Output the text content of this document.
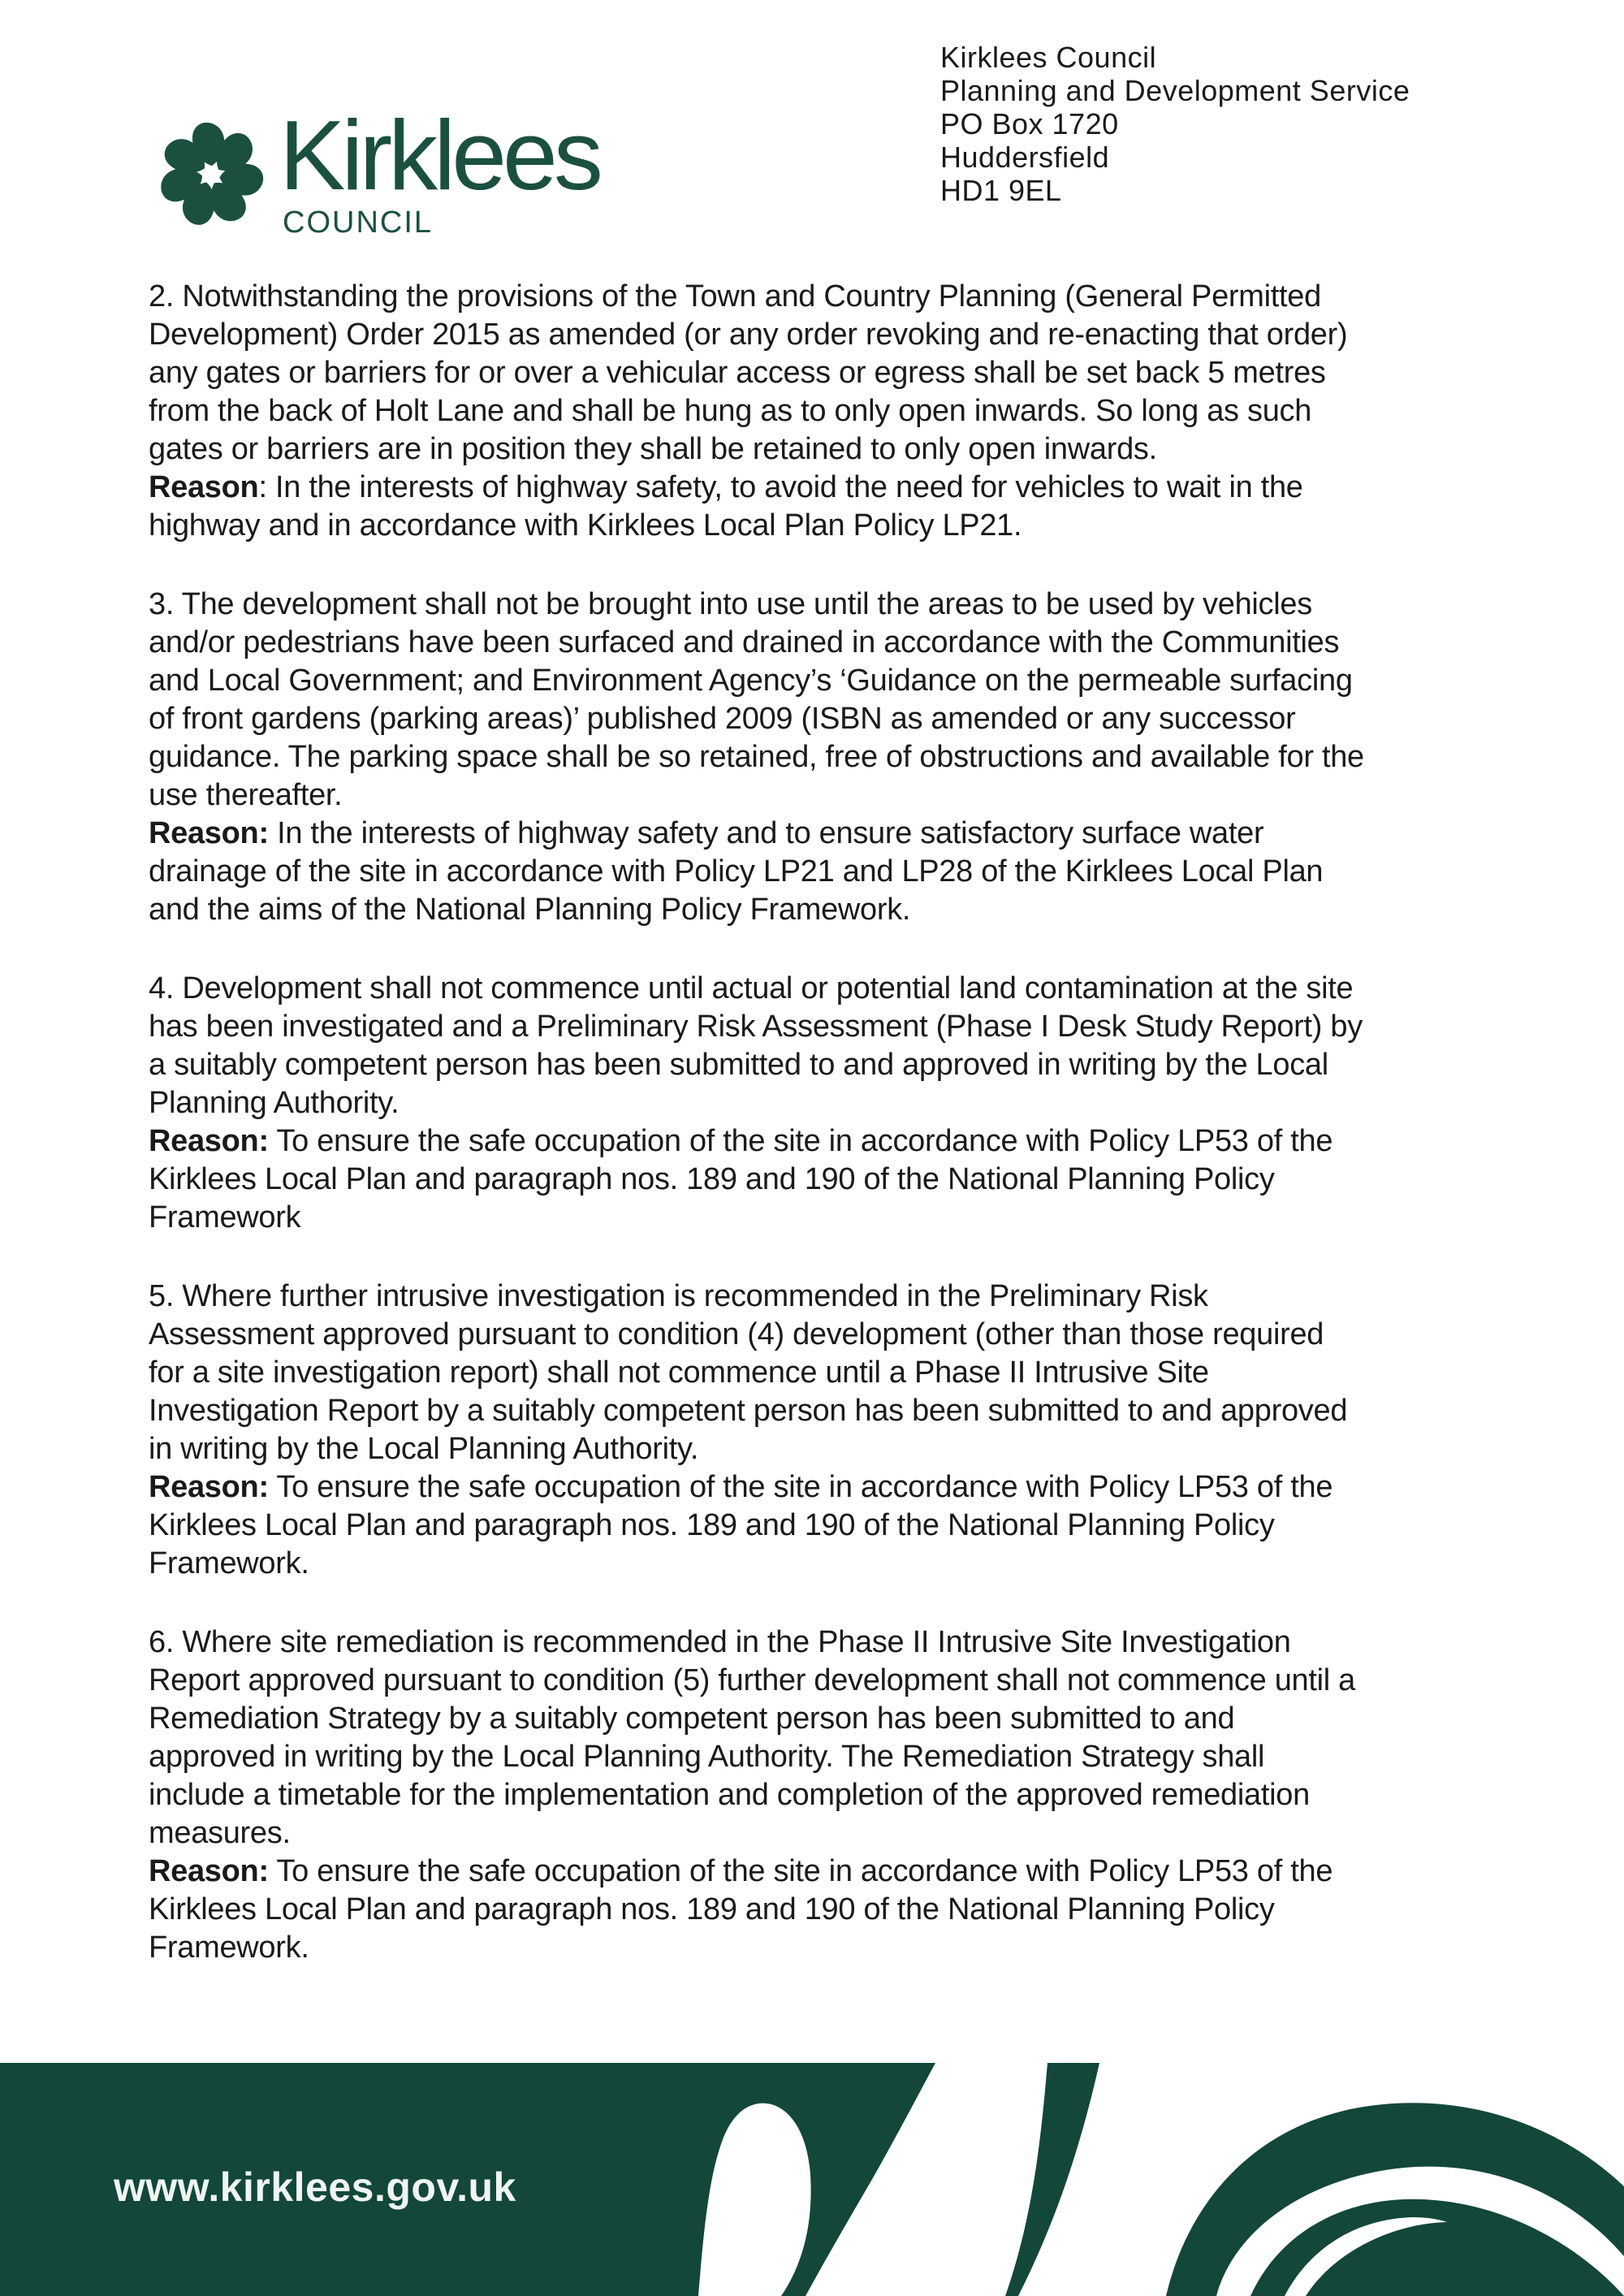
Kirklees
COUNCIL
Kirklees Council
Planning and Development Service
PO Box 1720
Huddersfield
HD1 9EL
2. Notwithstanding the provisions of the Town and Country Planning (General Permitted
Development) Order 2015 as amended (or any order revoking and re-enacting that order)
any gates or barriers for or over a vehicular access or egress shall be set back 5 metres
from the back of Holt Lane and shall be hung as to only open inwards. So long as such
gates or barriers are in position they shall be retained to only open inwards.
Reason: In the interests of highway safety, to avoid the need for vehicles to wait in the
highway and in accordance with Kirklees Local Plan Policy LP21.
3. The development shall not be brought into use until the areas to be used by vehicles
and/or pedestrians have been surfaced and drained in accordance with the Communities
and Local Government; and Environment Agency’s ‘Guidance on the permeable surfacing
of front gardens (parking areas)’ published 2009 (ISBN as amended or any successor
guidance. The parking space shall be so retained, free of obstructions and available for the
use thereafter.
Reason: In the interests of highway safety and to ensure satisfactory surface water
drainage of the site in accordance with Policy LP21 and LP28 of the Kirklees Local Plan
and the aims of the National Planning Policy Framework.
4. Development shall not commence until actual or potential land contamination at the site
has been investigated and a Preliminary Risk Assessment (Phase I Desk Study Report) by
a suitably competent person has been submitted to and approved in writing by the Local
Planning Authority.
Reason: To ensure the safe occupation of the site in accordance with Policy LP53 of the
Kirklees Local Plan and paragraph nos. 189 and 190 of the National Planning Policy
Framework
5. Where further intrusive investigation is recommended in the Preliminary Risk
Assessment approved pursuant to condition (4) development (other than those required
for a site investigation report) shall not commence until a Phase II Intrusive Site
Investigation Report by a suitably competent person has been submitted to and approved
in writing by the Local Planning Authority.
Reason: To ensure the safe occupation of the site in accordance with Policy LP53 of the
Kirklees Local Plan and paragraph nos. 189 and 190 of the National Planning Policy
Framework.
6. Where site remediation is recommended in the Phase II Intrusive Site Investigation
Report approved pursuant to condition (5) further development shall not commence until a
Remediation Strategy by a suitably competent person has been submitted to and
approved in writing by the Local Planning Authority. The Remediation Strategy shall
include a timetable for the implementation and completion of the approved remediation
measures.
Reason: To ensure the safe occupation of the site in accordance with Policy LP53 of the
Kirklees Local Plan and paragraph nos. 189 and 190 of the National Planning Policy
Framework.
www.kirklees.gov.uk
